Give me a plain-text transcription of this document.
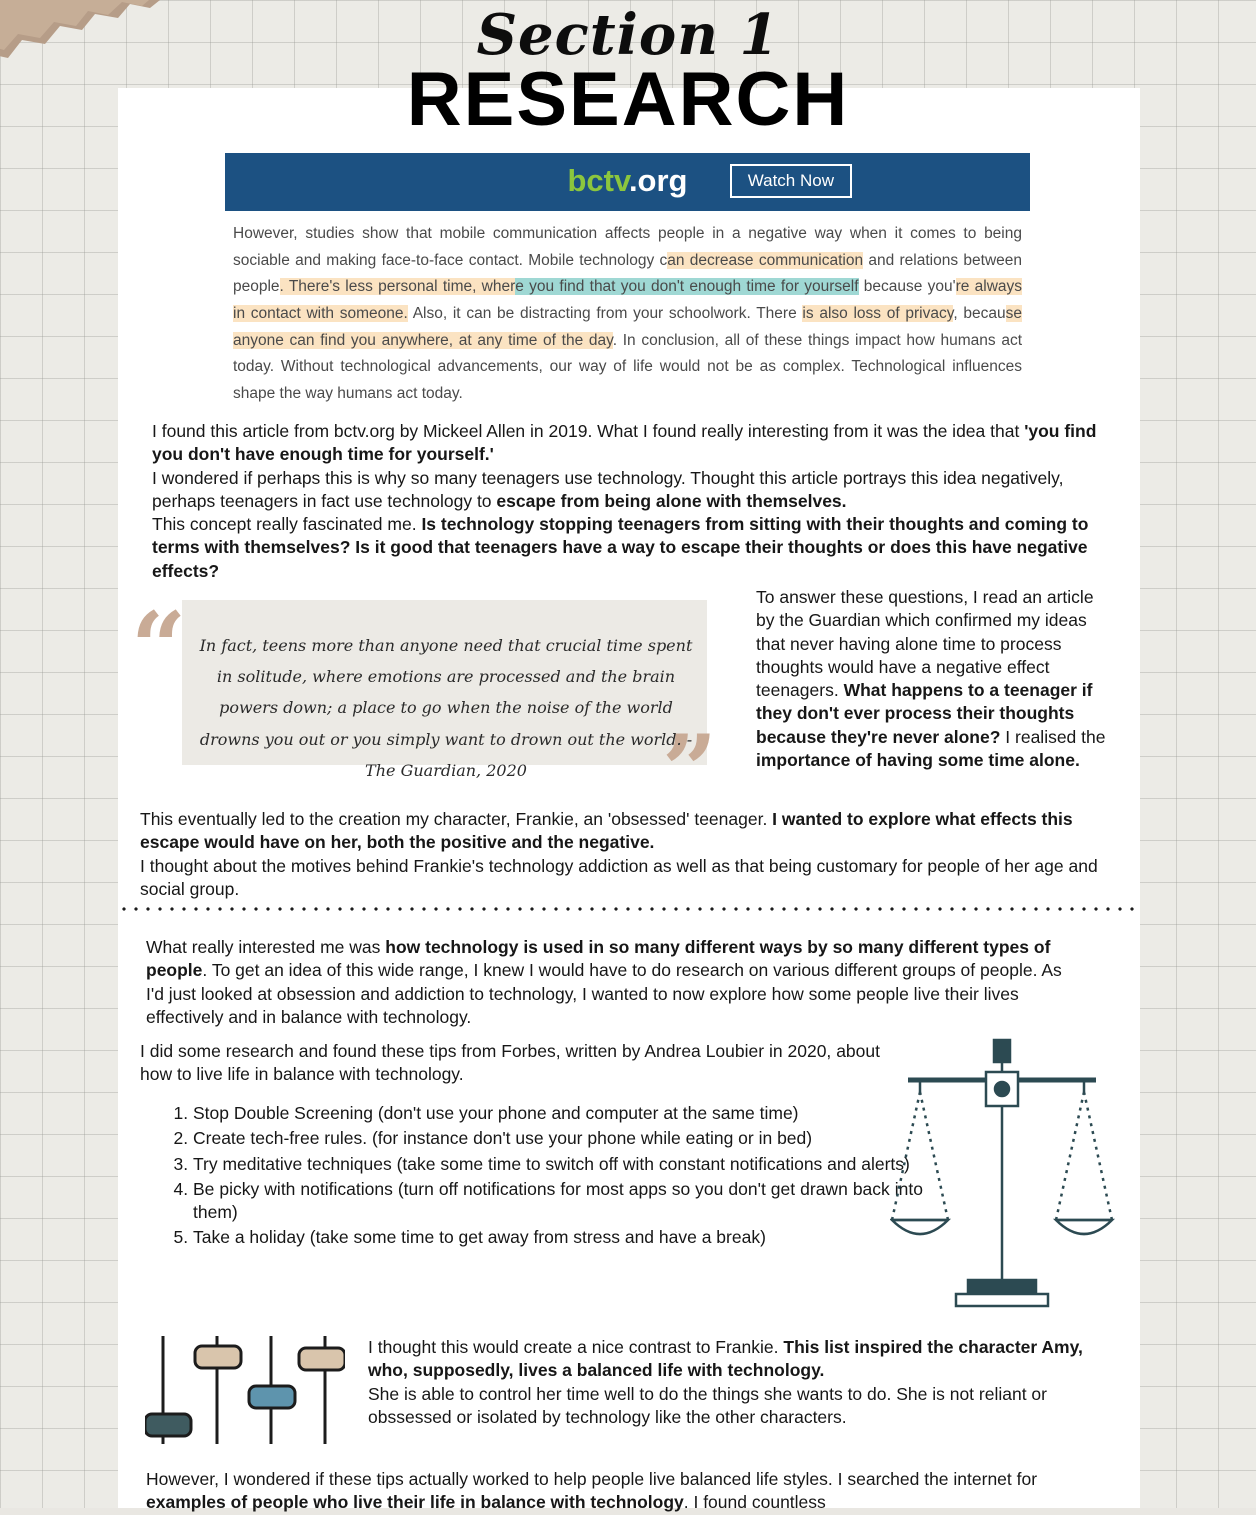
Section 1
RESEARCH
bctv.org	Watch Now
However, studies show that mobile communication affects people in a negative way when it comes to being sociable and making face-to-face contact. Mobile technology can decrease communication and relations between people. There's less personal time, where you find that you don't enough time for yourself because you're always in contact with someone. Also, it can be distracting from your schoolwork. There is also loss of privacy, because anyone can find you anywhere, at any time of the day. In conclusion, all of these things impact how humans act today. Without technological advancements, our way of life would not be as complex. Technological influences shape the way humans act today.
I found this article from bctv.org by Mickeel Allen in 2019. What I found really interesting from it was the idea that 'you find you don't have enough time for yourself.'
I wondered if perhaps this is why so many teenagers use technology. Thought this article portrays this idea negatively, perhaps teenagers in fact use technology to escape from being alone with themselves.
This concept really fascinated me. Is technology stopping teenagers from sitting with their thoughts and coming to terms with themselves? Is it good that teenagers have a way to escape their thoughts or does this have negative effects?
“
”
In fact, teens more than anyone need that crucial time spent in solitude, where emotions are processed and the brain powers down; a place to go when the noise of the world drowns you out or you simply want to drown out the world. -The Guardian, 2020
To answer these questions, I read an article by the Guardian which confirmed my ideas that never having alone time to process thoughts would have a negative effect teenagers. What happens to a teenager if they don't ever process their thoughts because they're never alone? I realised the importance of having some time alone.
This eventually led to the creation my character, Frankie, an 'obsessed' teenager. I wanted to explore what effects this escape would have on her, both the positive and the negative.
I thought about the motives behind Frankie's technology addiction as well as that being customary for people of her age and social group.
What really interested me was how technology is used in so many different ways by so many different types of people. To get an idea of this wide range, I knew I would have to do research on various different groups of people. As I'd just looked at obsession and addiction to technology, I wanted to now explore how some people live their lives effectively and in balance with technology.
I did some research and found these tips from Forbes, written by Andrea Loubier in 2020, about how to live life in balance with technology.
1. Stop Double Screening (don't use your phone and computer at the same time)
2. Create tech-free rules. (for instance don't use your phone while eating or in bed)
3. Try meditative techniques (take some time to switch off with constant notifications and alerts)
4. Be picky with notifications (turn off notifications for most apps so you don't get drawn back into them)
5. Take a holiday (take some time to get away from stress and have a break)
I thought this would create a nice contrast to Frankie. This list inspired the character Amy, who, supposedly, lives a balanced life with technology.
She is able to control her time well to do the things she wants to do. She is not reliant or obssessed or isolated by technology like the other characters.
However, I wondered if these tips actually worked to help people live balanced life styles. I searched the internet for examples of people who live their life in balance with technology. I found countless
